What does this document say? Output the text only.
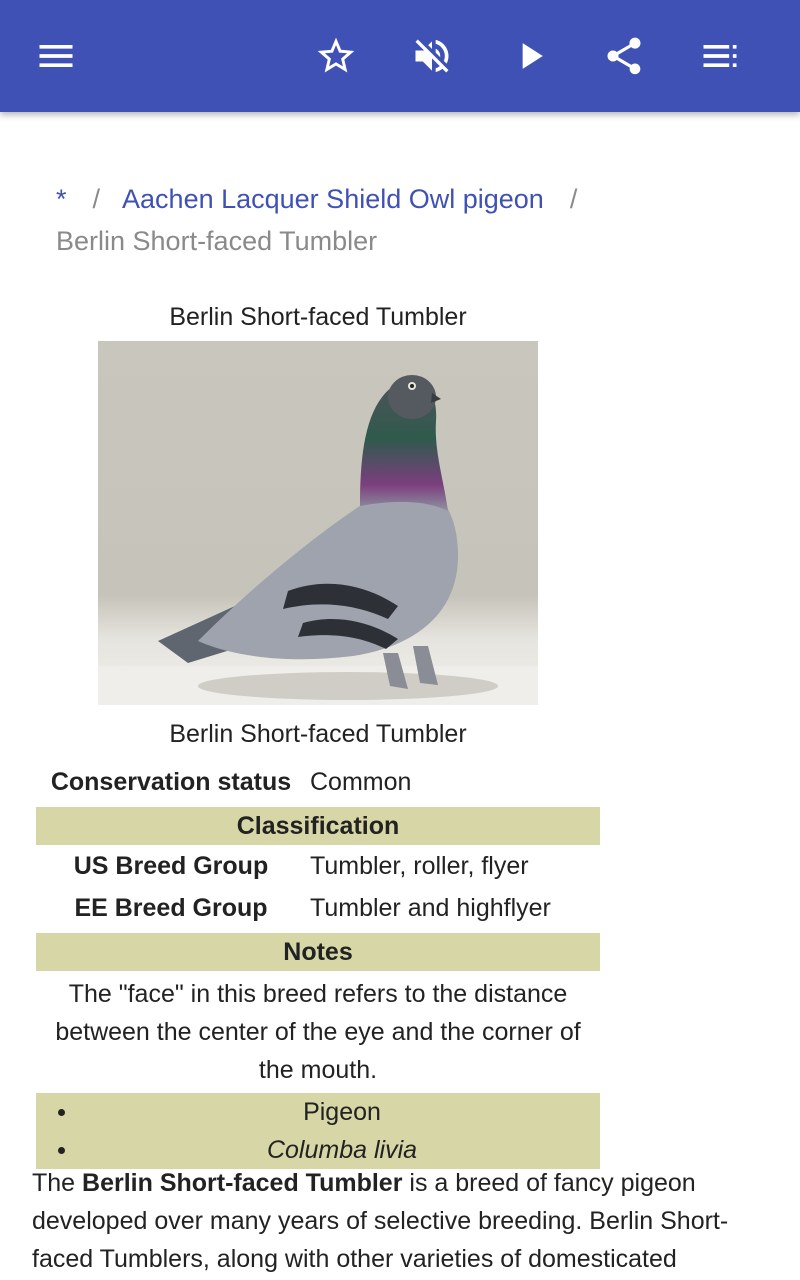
* / Aachen Lacquer Shield Owl pigeon /
Berlin Short-faced Tumbler
Berlin Short-faced Tumbler
Berlin Short-faced Tumbler
Conservation status Common
Classification
US Breed Group	Tumbler, roller, flyer
EE Breed Group	Tumbler and highflyer
Notes
The "face" in this breed refers to the distance between the center of the eye and the corner of the mouth.
Pigeon
Columba livia
The Berlin Short-faced Tumbler is a breed of fancy pigeon developed over many years of selective breeding. Berlin Short-faced Tumblers, along with other varieties of domesticated
